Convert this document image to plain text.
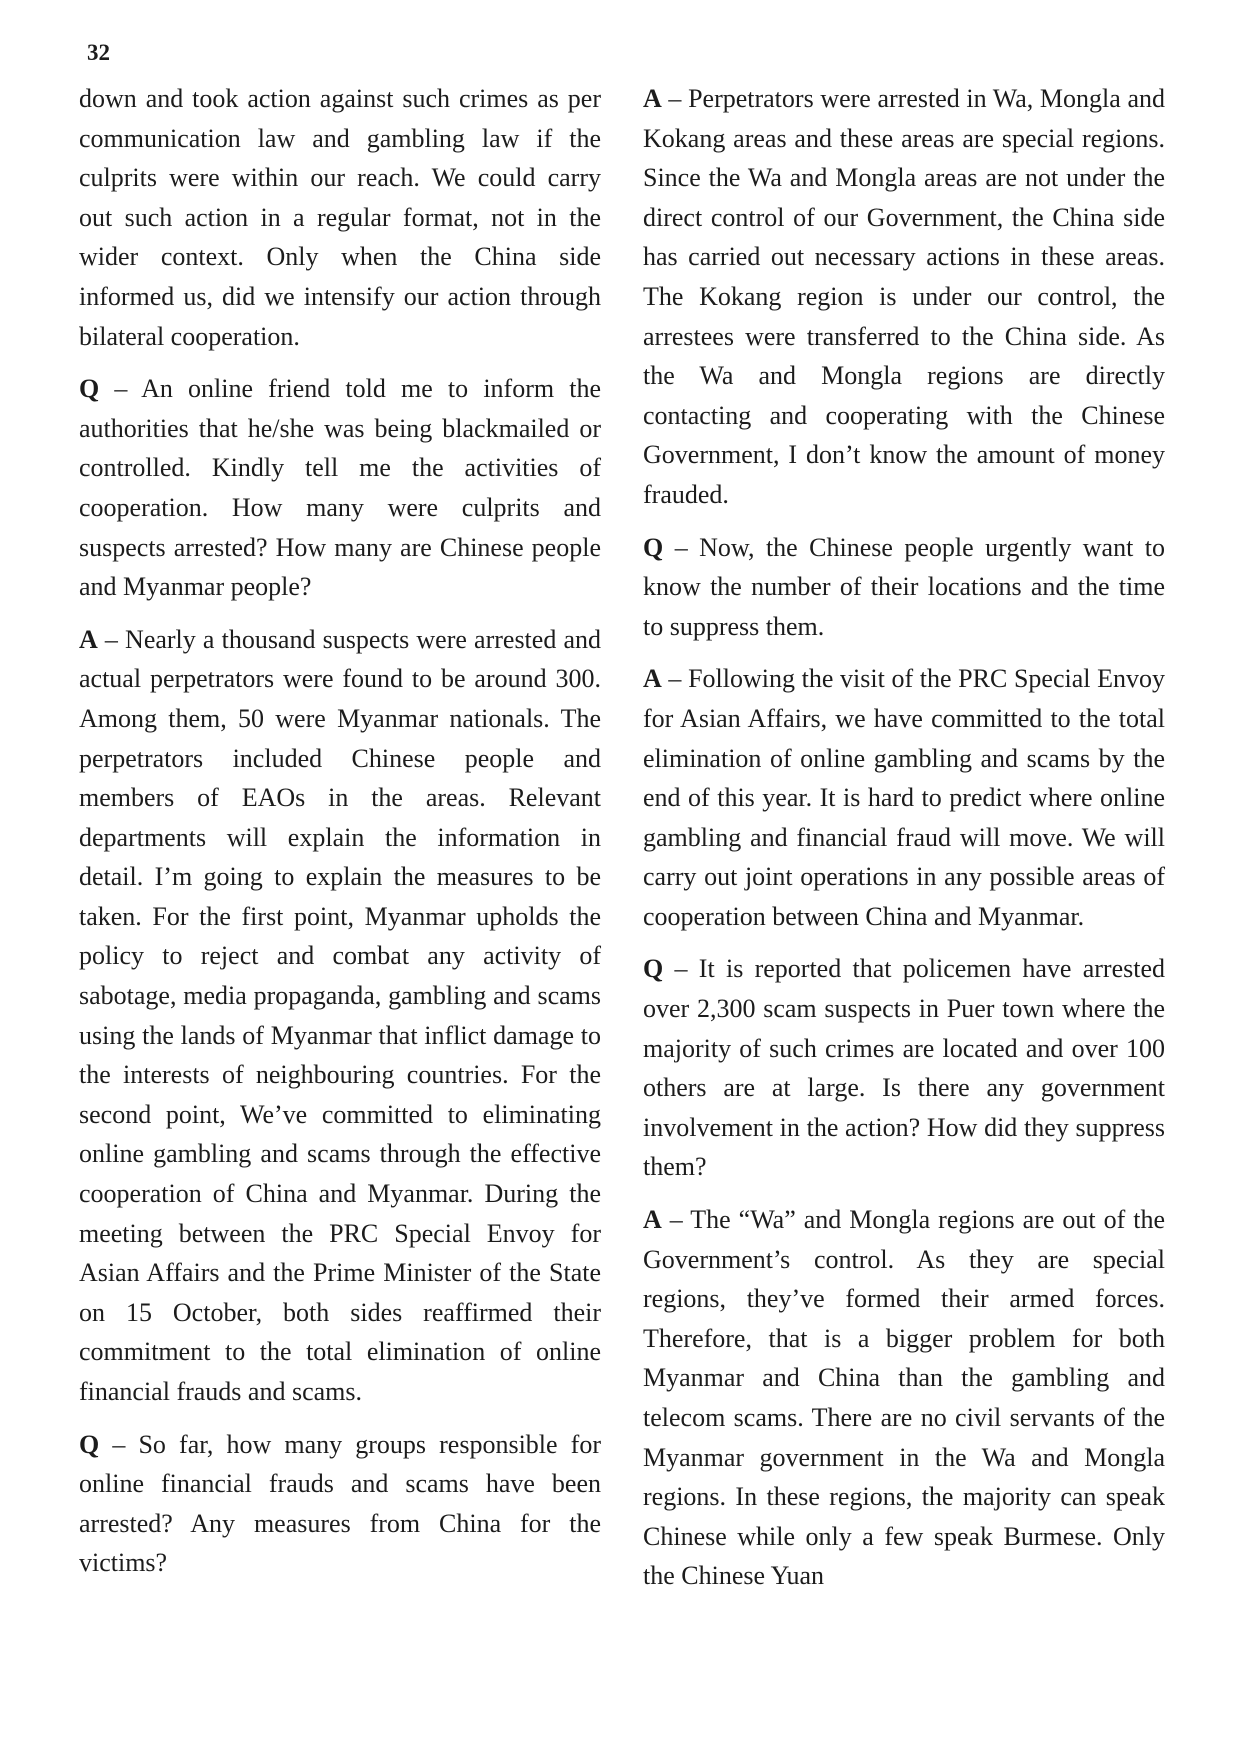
32

down and took action against such crimes as per communication law and gambling law if the culprits were within our reach. We could carry out such action in a regular format, not in the wider context. Only when the China side informed us, did we intensify our action through bilateral cooperation.

Q – An online friend told me to inform the authorities that he/she was being blackmailed or controlled. Kindly tell me the activities of cooperation. How many were culprits and suspects arrested? How many are Chinese people and Myanmar people?

A – Nearly a thousand suspects were arrested and actual perpetrators were found to be around 300. Among them, 50 were Myanmar nationals. The perpetrators included Chinese people and members of EAOs in the areas. Relevant departments will explain the information in detail. I’m going to explain the measures to be taken. For the first point, Myanmar upholds the policy to reject and combat any activity of sabotage, media propaganda, gambling and scams using the lands of Myanmar that inflict damage to the interests of neighbouring countries. For the second point, We’ve committed to eliminating online gambling and scams through the effective cooperation of China and Myanmar. During the meeting between the PRC Special Envoy for Asian Affairs and the Prime Minister of the State on 15 October, both sides reaffirmed their commitment to the total elimination of online financial frauds and scams.

Q – So far, how many groups responsible for online financial frauds and scams have been arrested? Any measures from China for the victims?

A – Perpetrators were arrested in Wa, Mongla and Kokang areas and these areas are special regions. Since the Wa and Mongla areas are not under the direct control of our Government, the China side has carried out necessary actions in these areas. The Kokang region is under our control, the arrestees were transferred to the China side. As the Wa and Mongla regions are directly contacting and cooperating with the Chinese Government, I don’t know the amount of money frauded.

Q – Now, the Chinese people urgently want to know the number of their locations and the time to suppress them.

A – Following the visit of the PRC Special Envoy for Asian Affairs, we have committed to the total elimination of online gambling and scams by the end of this year. It is hard to predict where online gambling and financial fraud will move. We will carry out joint operations in any possible areas of cooperation between China and Myanmar.

Q – It is reported that policemen have arrested over 2,300 scam suspects in Puer town where the majority of such crimes are located and over 100 others are at large. Is there any government involvement in the action? How did they suppress them?

A – The “Wa” and Mongla regions are out of the Government’s control. As they are special regions, they’ve formed their armed forces. Therefore, that is a bigger problem for both Myanmar and China than the gambling and telecom scams. There are no civil servants of the Myanmar government in the Wa and Mongla regions. In these regions, the majority can speak Chinese while only a few speak Burmese. Only the Chinese Yuan
